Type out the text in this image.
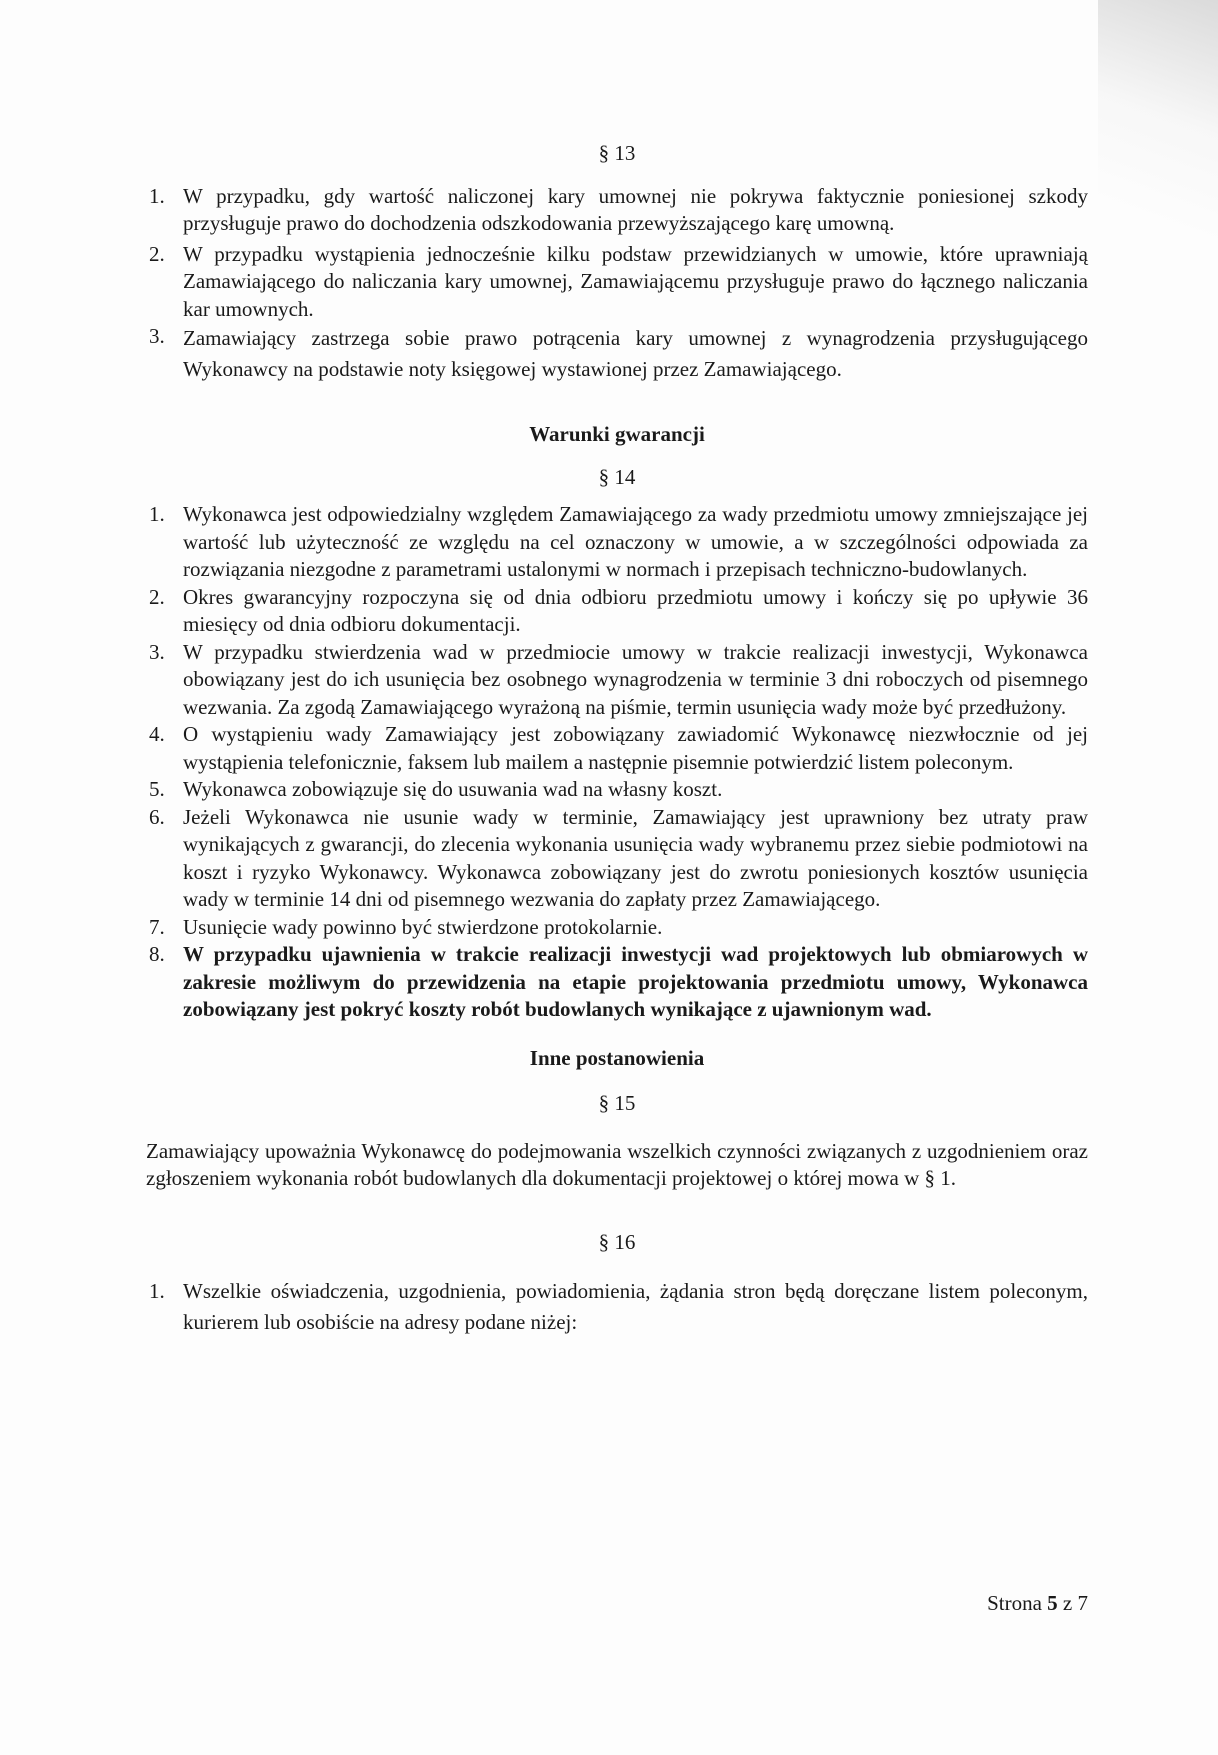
§ 13

1. W przypadku, gdy wartość naliczonej kary umownej nie pokrywa faktycznie poniesionej szkody przysługuje prawo do dochodzenia odszkodowania przewyższającego karę umowną.
2. W przypadku wystąpienia jednocześnie kilku podstaw przewidzianych w umowie, które uprawniają Zamawiającego do naliczania kary umownej, Zamawiającemu przysługuje prawo do łącznego naliczania kar umownych.
3. Zamawiający zastrzega sobie prawo potrącenia kary umownej z wynagrodzenia przysługującego Wykonawcy na podstawie noty księgowej wystawionej przez Zamawiającego.

Warunki gwarancji

§ 14

1. Wykonawca jest odpowiedzialny względem Zamawiającego za wady przedmiotu umowy zmniejszające jej wartość lub użyteczność ze względu na cel oznaczony w umowie, a w szczególności odpowiada za rozwiązania niezgodne z parametrami ustalonymi w normach i przepisach techniczno-budowlanych.
2. Okres gwarancyjny rozpoczyna się od dnia odbioru przedmiotu umowy i kończy się po upływie 36 miesięcy od dnia odbioru dokumentacji.
3. W przypadku stwierdzenia wad w przedmiocie umowy w trakcie realizacji inwestycji, Wykonawca obowiązany jest do ich usunięcia bez osobnego wynagrodzenia w terminie 3 dni roboczych od pisemnego wezwania. Za zgodą Zamawiającego wyrażoną na piśmie, termin usunięcia wady może być przedłużony.
4. O wystąpieniu wady Zamawiający jest zobowiązany zawiadomić Wykonawcę niezwłocznie od jej wystąpienia telefonicznie, faksem lub mailem a następnie pisemnie potwierdzić listem poleconym.
5. Wykonawca zobowiązuje się do usuwania wad na własny koszt.
6. Jeżeli Wykonawca nie usunie wady w terminie, Zamawiający jest uprawniony bez utraty praw wynikających z gwarancji, do zlecenia wykonania usunięcia wady wybranemu przez siebie podmiotowi na koszt i ryzyko Wykonawcy. Wykonawca zobowiązany jest do zwrotu poniesionych kosztów usunięcia wady w terminie 14 dni od pisemnego wezwania do zapłaty przez Zamawiającego.
7. Usunięcie wady powinno być stwierdzone protokolarnie.
8. W przypadku ujawnienia w trakcie realizacji inwestycji wad projektowych lub obmiarowych w zakresie możliwym do przewidzenia na etapie projektowania przedmiotu umowy, Wykonawca zobowiązany jest pokryć koszty robót budowlanych wynikające z ujawnionym wad.

Inne postanowienia

§ 15

Zamawiający upoważnia Wykonawcę do podejmowania wszelkich czynności związanych z uzgodnieniem oraz zgłoszeniem wykonania robót budowlanych dla dokumentacji projektowej o której mowa w § 1.

§ 16

1. Wszelkie oświadczenia, uzgodnienia, powiadomienia, żądania stron będą doręczane listem poleconym, kurierem lub osobiście na adresy podane niżej:
Strona 5 z 7
